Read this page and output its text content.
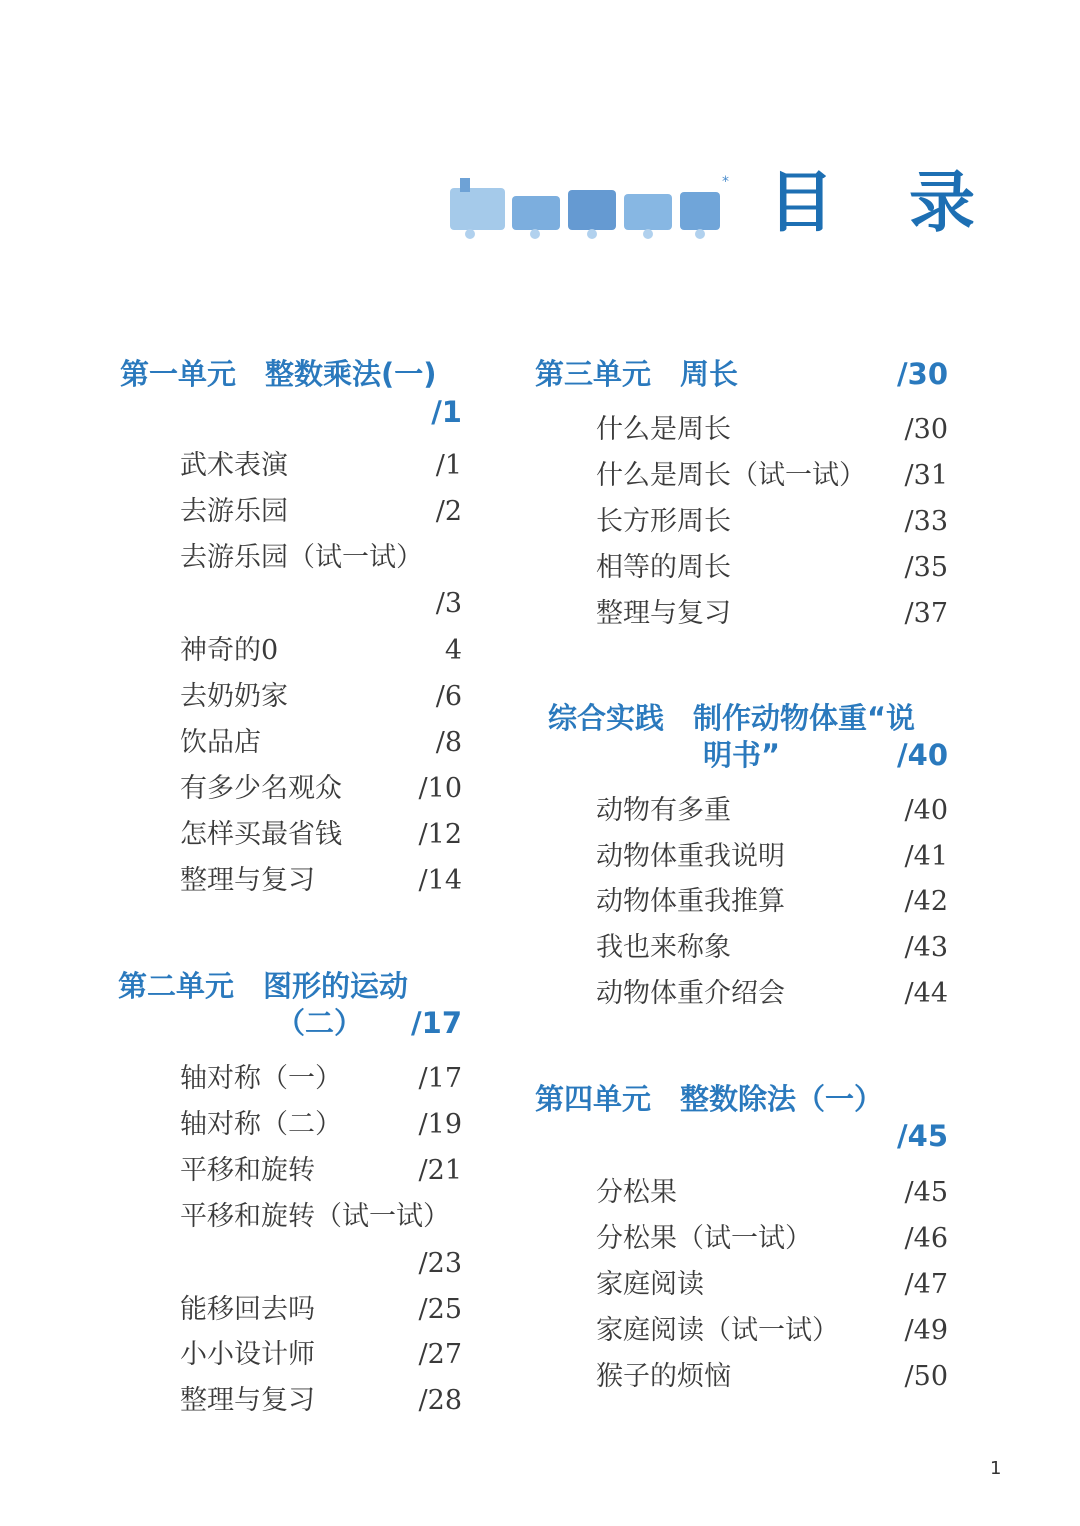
* 目 录
第一单元　整数乘法(一)
/1
武术表演	/1
去游乐园	/2
去游乐园（试一试）
/3
神奇的0	4
去奶奶家	/6
饮品店	/8
有多少名观众	/10
怎样买最省钱	/12
整理与复习	/14
第二单元　图形的运动
（二）	/17
轴对称（一）	/17
轴对称（二）	/19
平移和旋转	/21
平移和旋转（试一试）
/23
能移回去吗	/25
小小设计师	/27
整理与复习	/28
第三单元　周长	/30
什么是周长	/30
什么是周长（试一试）	/31
长方形周长	/33
相等的周长	/35
整理与复习	/37
综合实践　制作动物体重“说
明书”	/40
动物有多重	/40
动物体重我说明	/41
动物体重我推算	/42
我也来称象	/43
动物体重介绍会	/44
第四单元　整数除法（一）
/45
分松果	/45
分松果（试一试）	/46
家庭阅读	/47
家庭阅读（试一试）	/49
猴子的烦恼	/50
1
